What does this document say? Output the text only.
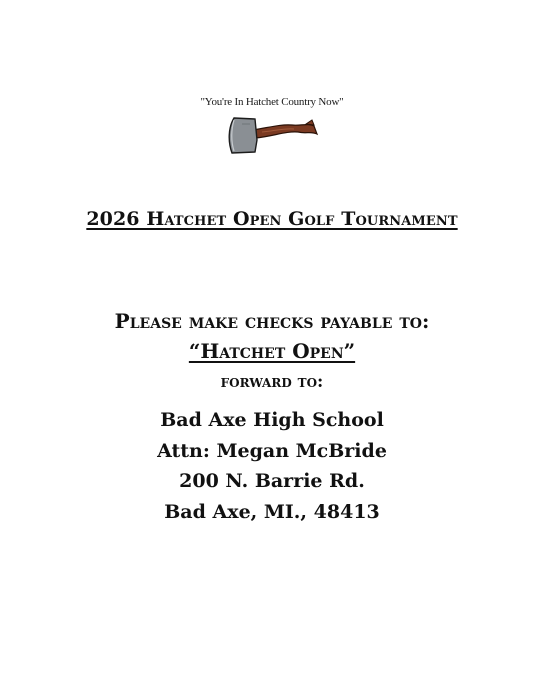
"You're In Hatchet Country Now"
2026 Hatchet Open Golf Tournament
Please make checks payable to:
“Hatchet Open”
forward to:
Bad Axe High School
Attn: Megan McBride
200 N. Barrie Rd.
Bad Axe, MI., 48413
